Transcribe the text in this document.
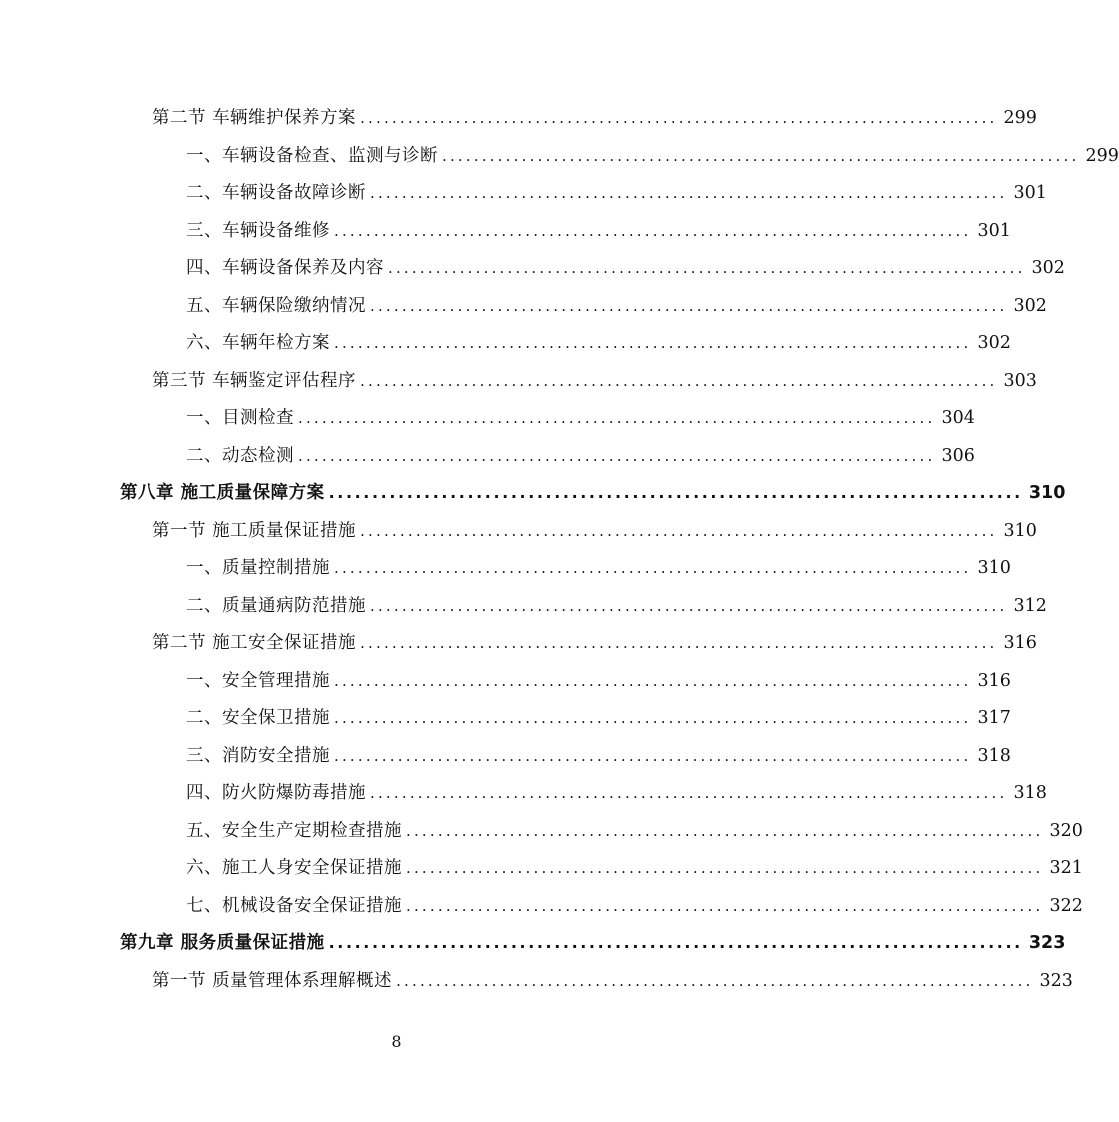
第二节 车辆维护保养方案 ................................................................................ 299
一、车辆设备检查、监测与诊断 ................................................................................ 299
二、车辆设备故障诊断 ................................................................................ 301
三、车辆设备维修 ................................................................................ 301
四、车辆设备保养及内容 ................................................................................ 302
五、车辆保险缴纳情况 ................................................................................ 302
六、车辆年检方案 ................................................................................ 302
第三节 车辆鉴定评估程序 ................................................................................ 303
一、目测检查 ................................................................................ 304
二、动态检测 ................................................................................ 306
第八章 施工质量保障方案 ................................................................................ 310
第一节 施工质量保证措施 ................................................................................ 310
一、质量控制措施 ................................................................................ 310
二、质量通病防范措施 ................................................................................ 312
第二节 施工安全保证措施 ................................................................................ 316
一、安全管理措施 ................................................................................ 316
二、安全保卫措施 ................................................................................ 317
三、消防安全措施 ................................................................................ 318
四、防火防爆防毒措施 ................................................................................ 318
五、安全生产定期检查措施 ................................................................................ 320
六、施工人身安全保证措施 ................................................................................ 321
七、机械设备安全保证措施 ................................................................................ 322
第九章 服务质量保证措施 ................................................................................ 323
第一节 质量管理体系理解概述 ................................................................................ 323
8
